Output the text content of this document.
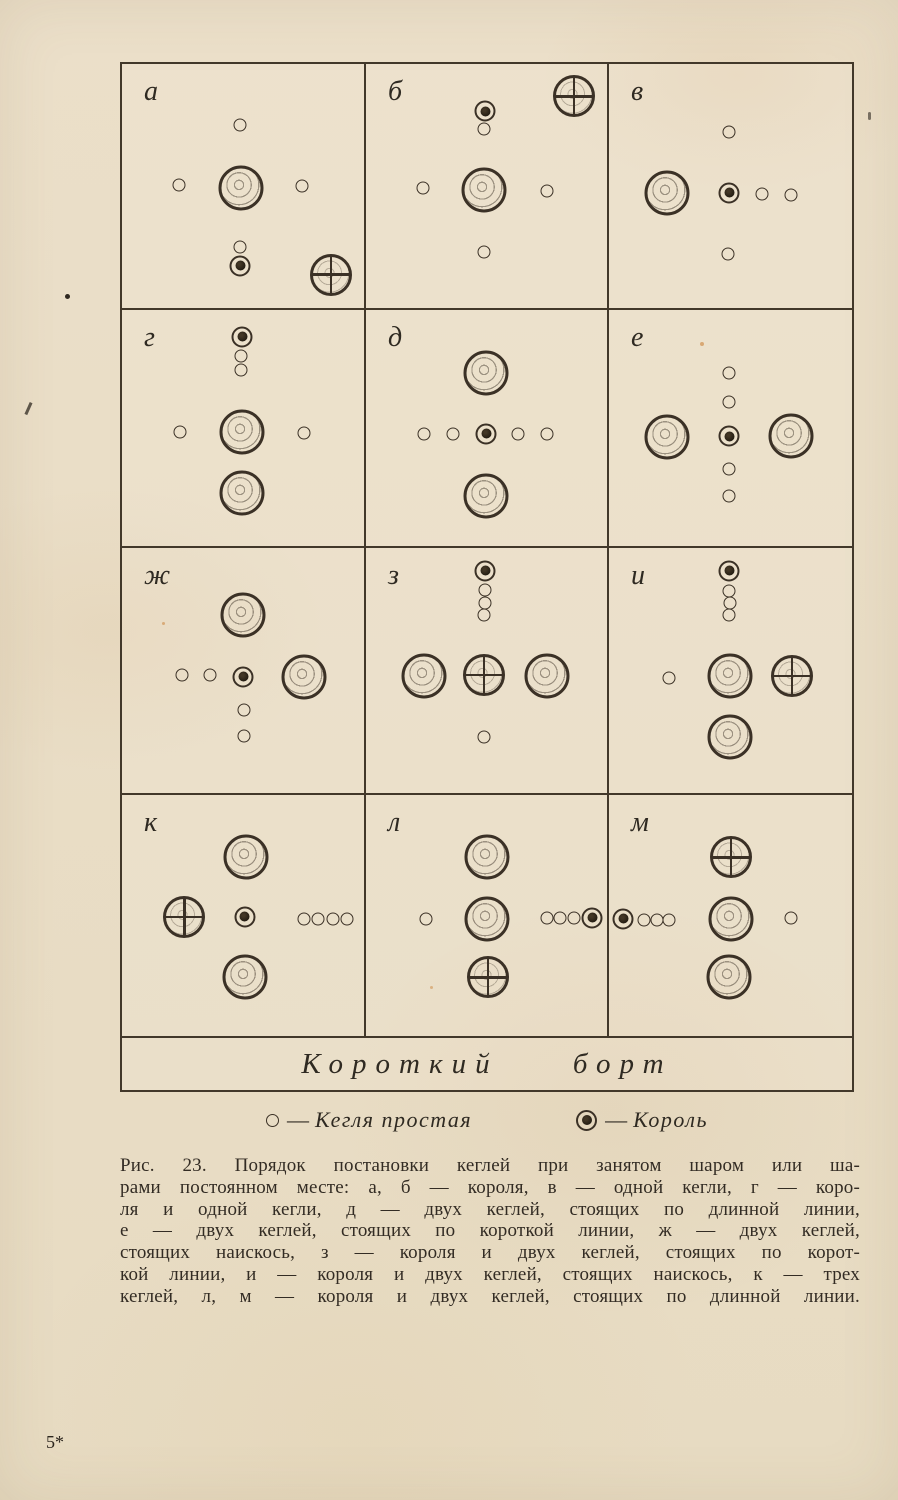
а	б	в
г	д	е
ж	з	и
к	л	м
Короткий борт
— Кегля простая	— Король
Рис. 23. Порядок постановки кеглей при занятом шаром или ша-
рами постоянном месте: а, б — короля, в — одной кегли, г — коро-
ля и одной кегли, д — двух кеглей, стоящих по длинной линии,
е — двух кеглей, стоящих по короткой линии, ж — двух кеглей,
стоящих наискось, з — короля и двух кеглей, стоящих по корот-
кой линии, и — короля и двух кеглей, стоящих наискось, к — трех
кеглей, л, м — короля и двух кеглей, стоящих по длинной линии.
5*
